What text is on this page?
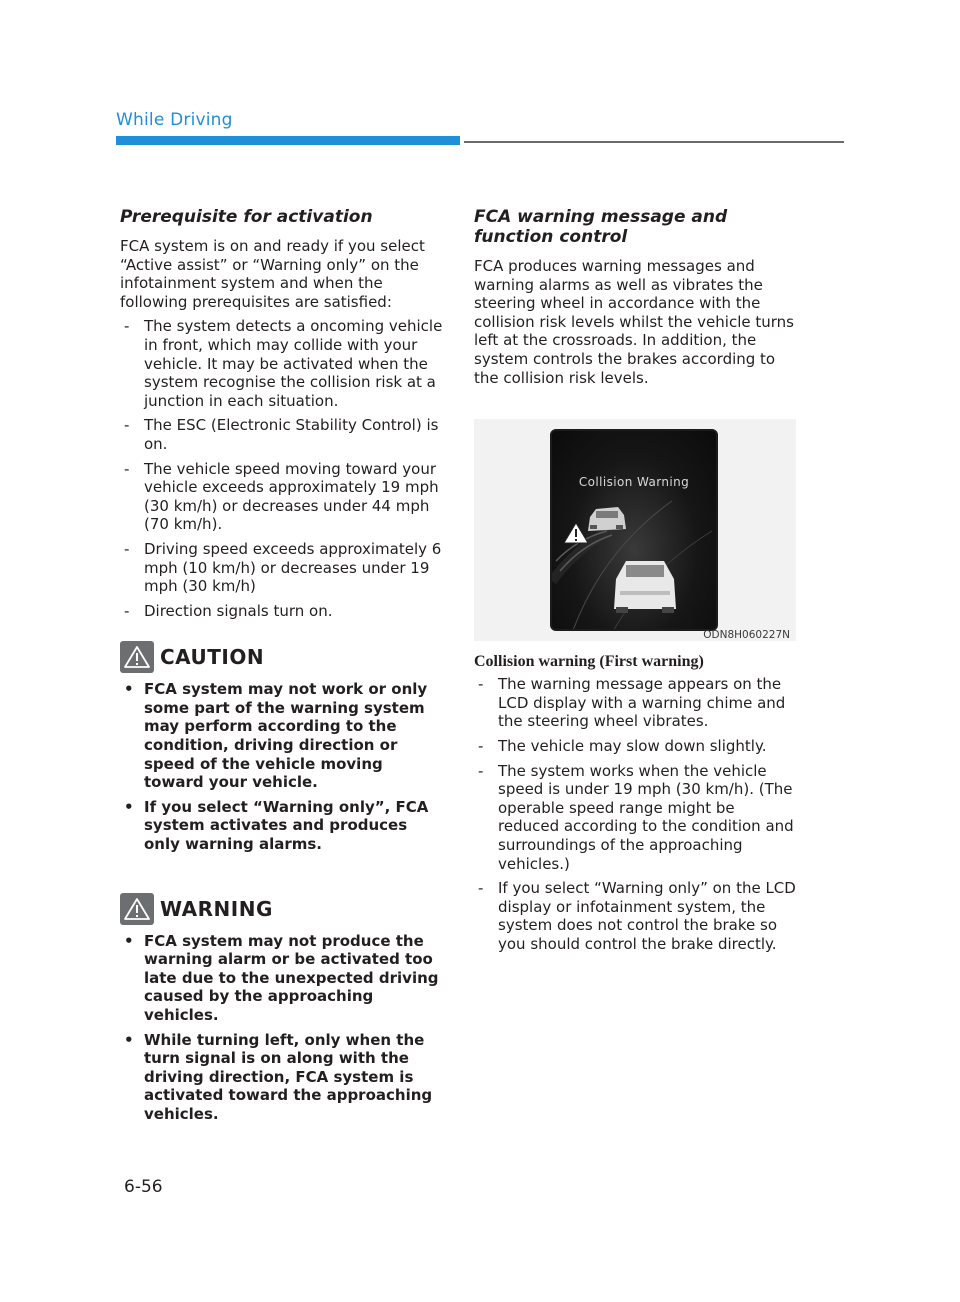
While Driving
Prerequisite for activation

FCA system is on and ready if you select “Active assist” or “Warning only” on the infotainment system and when the following prerequisites are satisfied:

- The system detects a oncoming vehicle in front, which may collide with your vehicle. It may be activated when the system recognise the collision risk at a junction in each situation.
- The ESC (Electronic Stability Control) is on.
- The vehicle speed moving toward your vehicle exceeds approximately 19 mph (30 km/h) or decreases under 44 mph (70 km/h).
- Driving speed exceeds approximately 6 mph (10 km/h) or decreases under 19 mph (30 km/h)
- Direction signals turn on.
CAUTION
• FCA system may not work or only some part of the warning system may perform according to the condition, driving direction or speed of the vehicle moving toward your vehicle.
• If you select “Warning only”, FCA system activates and produces only warning alarms.
WARNING
• FCA system may not produce the warning alarm or be activated too late due to the unexpected driving caused by the approaching vehicles.
• While turning left, only when the turn signal is on along with the driving direction, FCA system is activated toward the approaching vehicles.
FCA warning message and function control

FCA produces warning messages and warning alarms as well as vibrates the steering wheel in accordance with the collision risk levels whilst the vehicle turns left at the crossroads. In addition, the system controls the brakes according to the collision risk levels.

Collision Warning
ODN8H060227N
Collision warning (First warning)
- The warning message appears on the LCD display with a warning chime and the steering wheel vibrates.
- The vehicle may slow down slightly.
- The system works when the vehicle speed is under 19 mph (30 km/h). (The operable speed range might be reduced according to the condition and surroundings of the approaching vehicles.)
- If you select “Warning only” on the LCD display or infotainment system, the system does not control the brake so you should control the brake directly.
6-56
